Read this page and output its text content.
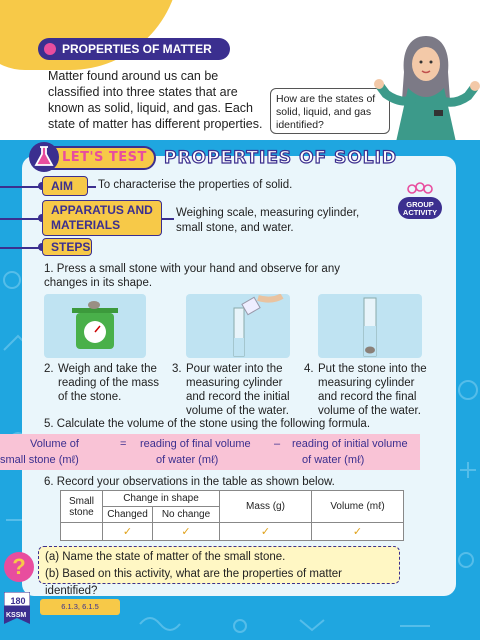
PROPERTIES OF MATTER

Matter found around us can be classified into three states that are known as solid, liquid, and gas. Each state of matter has different properties.

How are the states of solid, liquid, and gas identified?
LET'S TEST PROPERTIES OF SOLID
AIM	To characterise the properties of solid.
APPARATUS AND
MATERIALS
Weighing scale, measuring cylinder, small stone, and water.
STEPS
GROUP
ACTIVITY
1. Press a small stone with your hand and observe for any changes in its shape.
2. Weigh and take the reading of the mass of the stone.
3. Pour water into the measuring cylinder and record the initial volume of the water.
4. Put the stone into the measuring cylinder and record the final volume of the water.
5. Calculate the volume of the stone using the following formula.
Volume of
small stone (mℓ)
= reading of final volume
of water (mℓ)
– reading of initial volume
of water (mℓ)
6. Record your observations in the table as shown below.
Small
stone	Change in shape		Mass (g)	Volume (mℓ)
	Changed	No change		
	✓	✓	✓	✓
?	(a) Name the state of matter of the small stone.
(b) Based on this activity, what are the properties of matter identified?
180
KSSM
6.1.3, 6.1.5
